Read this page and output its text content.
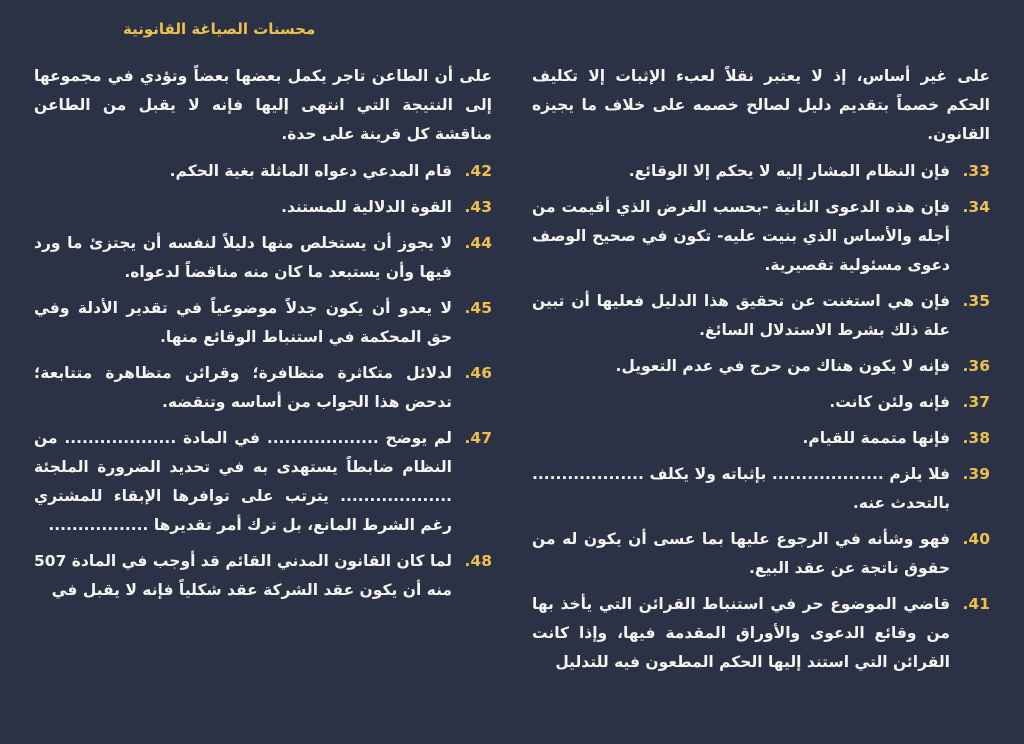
محسنات الصياغة القانونية
على غير أساس، إذ لا يعتبر نقلاً لعبء الإثبات إلا تكليف الحكم خصماً بتقديم دليل لصالح خصمه على خلاف ما يجيزه القانون.
33.
فإن النظام المشار إليه لا يحكم إلا الوقائع.
34.
فإن هذه الدعوى الثانية -بحسب الغرض الذي أقيمت من أجله والأساس الذي بنيت عليه- تكون في صحيح الوصف دعوى مسئولية تقصيرية.
35.
فإن هي استغنت عن تحقيق هذا الدليل فعليها أن تبين علة ذلك بشرط الاستدلال السائغ.
36.
فإنه لا يكون هناك من حرج في عدم التعويل.
37.
فإنه ولئن كانت.
38.
فإنها متممة للقيام.
39.
فلا يلزم ................... بإثباته ولا يكلف ................... بالتحدث عنه.
40.
فهو وشأنه في الرجوع عليها بما عسى أن يكون له من حقوق ناتجة عن عقد البيع.
41.
قاضي الموضوع حر في استنباط القرائن التي يأخذ بها من وقائع الدعوى والأوراق المقدمة فيها، وإذا كانت القرائن التي استند إليها الحكم المطعون فيه للتدليل
على أن الطاعن تاجر يكمل بعضها بعضاً وتؤدي في مجموعها إلى النتيجة التي انتهى إليها فإنه لا يقبل من الطاعن مناقشة كل قرينة على حدة.
42.
قام المدعي دعواه الماثلة بغية الحكم.
43.
القوة الدلالية للمستند.
44.
لا يجوز أن يستخلص منها دليلاً لنفسه أن يجتزئ ما ورد فيها وأن يستبعد ما كان منه مناقضاً لدعواه.
45.
لا يعدو أن يكون جدلاً موضوعياً في تقدير الأدلة وفي حق المحكمة في استنباط الوقائع منها.
46.
لدلائل متكاثرة متظافرة؛ وقرائن متظاهرة متتابعة؛ تدحض هذا الجواب من أساسه وتنقضه.
47.
لم يوضح ................... في المادة ................... من النظام ضابطاً يستهدى به في تحديد الضرورة الملجئة ................... يترتب على توافرها الإبقاء للمشتري رغم الشرط المانع، بل ترك أمر تقديرها .................
48.
لما كان القانون المدني القائم قد أوجب في المادة 507 منه أن يكون عقد الشركة عقد شكلياً فإنه لا يقبل في
